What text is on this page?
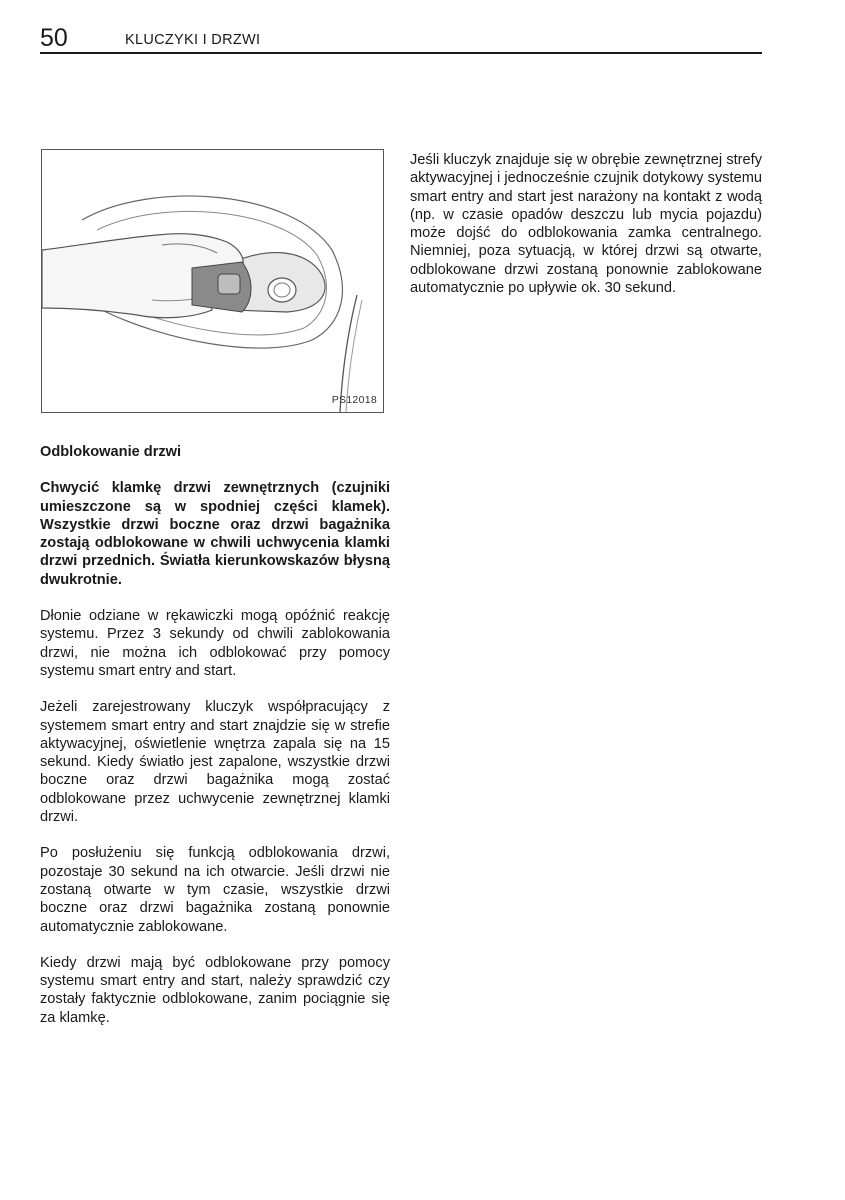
50	KLUCZYKI I DRZWI
PS12018

Jeśli kluczyk znajduje się w obrębie zewnętrznej strefy aktywacyjnej i jednocześnie czujnik dotykowy systemu smart entry and start jest narażony na kontakt z wodą (np. w czasie opadów deszczu lub mycia pojazdu) może dojść do odblokowania zamka centralnego. Niemniej, poza sytuacją, w której drzwi są otwarte, odblokowane drzwi zostaną ponownie zablokowane automatycznie po upływie ok. 30 sekund.

Odblokowanie drzwi

Chwycić klamkę drzwi zewnętrznych (czujniki umieszczone są w spodniej części klamek). Wszystkie drzwi boczne oraz drzwi bagażnika zostają odblokowane w chwili uchwycenia klamki drzwi przednich. Światła kierunkowskazów błysną dwukrotnie.

Dłonie odziane w rękawiczki mogą opóźnić reakcję systemu. Przez 3 sekundy od chwili zablokowania drzwi, nie można ich odblokować przy pomocy systemu smart entry and start.

Jeżeli zarejestrowany kluczyk współpracujący z systemem smart entry and start znajdzie się w strefie aktywacyjnej, oświetlenie wnętrza zapala się na 15 sekund. Kiedy światło jest zapalone, wszystkie drzwi boczne oraz drzwi bagażnika mogą zostać odblokowane przez uchwycenie zewnętrznej klamki drzwi.

Po posłużeniu się funkcją odblokowania drzwi, pozostaje 30 sekund na ich otwarcie. Jeśli drzwi nie zostaną otwarte w tym czasie, wszystkie drzwi boczne oraz drzwi bagażnika zostaną ponownie automatycznie zablokowane.

Kiedy drzwi mają być odblokowane przy pomocy systemu smart entry and start, należy sprawdzić czy zostały faktycznie odblokowane, zanim pociągnie się za klamkę.
